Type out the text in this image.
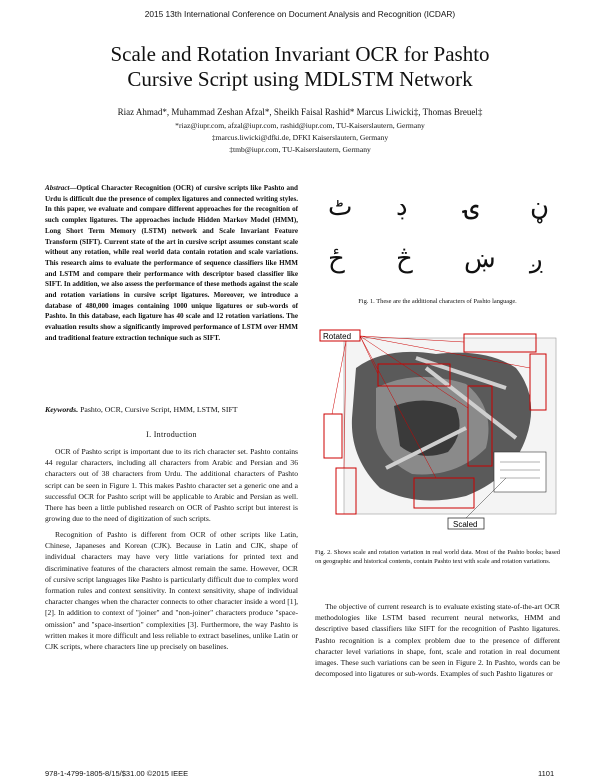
2015 13th International Conference on Document Analysis and Recognition (ICDAR)
Scale and Rotation Invariant OCR for Pashto
Cursive Script using MDLSTM Network
Riaz Ahmad*, Muhammad Zeshan Afzal*, Sheikh Faisal Rashid* Marcus Liwicki‡, Thomas Breuel‡
*riaz@iupr.com, afzal@iupr.com, rashid@iupr.com, TU-Kaiserslautern, Germany
‡marcus.liwicki@dfki.de, DFKI Kaiserslautern, Germany
‡tmb@iupr.com, TU-Kaiserslautern, Germany
Abstract—Optical Character Recognition (OCR) of cursive scripts like Pashto and Urdu is difficult due the presence of complex ligatures and connected writing styles. In this paper, we evaluate and compare different approaches for the recognition of such complex ligatures. The approaches include Hidden Markov Model (HMM), Long Short Term Memory (LSTM) network and Scale Invariant Feature Transform (SIFT). Current state of the art in cursive script assumes constant scale without any rotation, while real world data contain rotation and scale variations. This research aims to evaluate the performance of sequence classifiers like HMM and LSTM and compare their performance with descriptor based classifier like SIFT. In addition, we also assess the performance of these methods against the scale and rotation variations in cursive script ligatures. Moreover, we introduce a database of 480,000 images containing 1000 unique ligatures or sub-words of Pashto. In this database, each ligature has 40 scale and 12 rotation variations. The evaluation results show a significantly improved performance of LSTM over HMM and traditional feature extraction technique such as SIFT.
Keywords. Pashto, OCR, Cursive Script, HMM, LSTM, SIFT
I. Introduction
OCR of Pashto script is important due to its rich character set. Pashto contains 44 regular characters, including all characters from Arabic and Persian and 36 characters out of 38 characters from Urdu. The additional characters of Pashto script can be seen in Figure 1. This makes Pashto character set a generic one and a successful OCR for Pashto script will be applicable to Arabic and Persian as well. There has been a little published research on OCR of Pashto script but interest is growing due to the need of digitization of such scripts.
Recognition of Pashto is different from OCR of other scripts like Latin, Chinese, Japaneses and Korean (CJK). Because in Latin and CJK, shape of individual characters may have very little variations for printed text and discriminative features of the characters almost remain the same. However, OCR of cursive script languages like Pashto is particularly difficult due to complex word formation rules and context sensitivity. In context sensitivity, shape of individual character changes when the character connects to other character inside a word [1], [2]. In addition to context of "joiner" and "non-joiner" characters produce "space-omission" and "space-insertion" complexities [3]. Furthermore, the way Pashto is written makes it more difficult and less reliable to extract baselines, unlike Latin or CJK scripts, where characters line up precisely on baselines.
ٹ ڊ ۍ ڼ
ځ څ ښ ږ
Fig. 1. These are the additional characters of Pashto language.
Rotated
Scaled
Fig. 2. Shows scale and rotation variation in real world data. Most of the Pashto books; based on geographic and historical contents, contain Pashto text with scale and rotation variations.
The objective of current research is to evaluate existing state-of-the-art OCR methodologies like LSTM based recurrent neural networks, HMM and descriptive based classifiers like SIFT for the recognition of Pashto ligatures. Pashto recognition is a complex problem due to the presence of different character level variations in shape, font, scale and rotation in real document images. These such variations can be seen in Figure 2. In Pashto, words can be decomposed into ligatures or sub-words. Examples of such Pashto ligatures or
978-1-4799-1805-8/15/$31.00 ©2015 IEEE	1101
